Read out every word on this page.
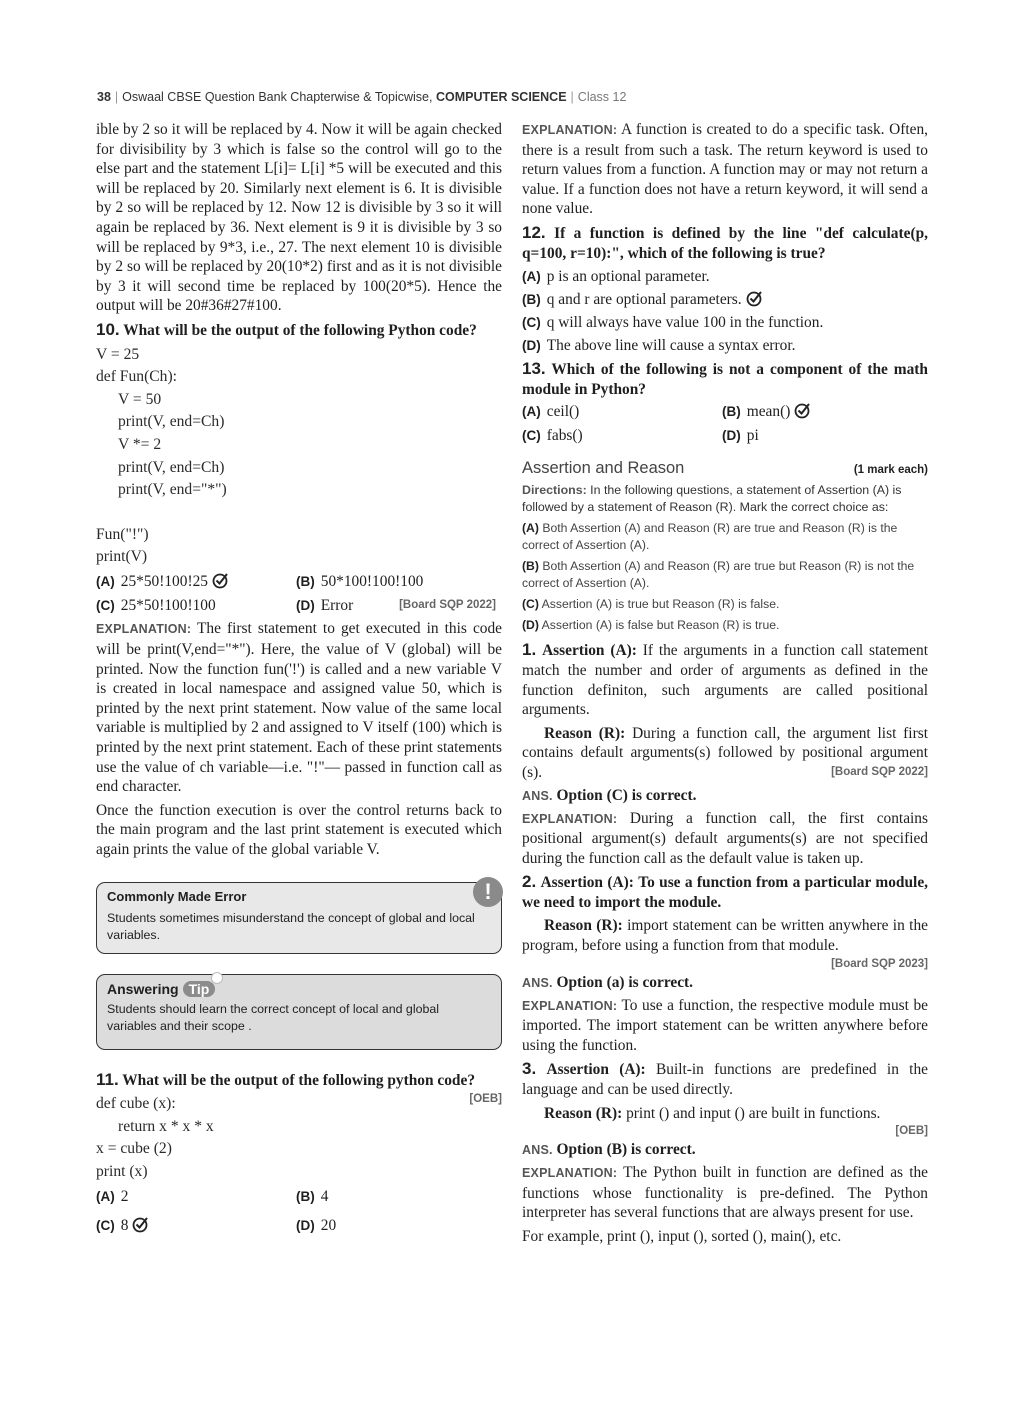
38 | Oswaal CBSE Question Bank Chapterwise & Topicwise, COMPUTER SCIENCE | Class 12

ible by 2 so it will be replaced by 4. Now it will be again checked for divisibility by 3 which is false so the control will go to the else part and the statement L[i]= L[i] *5 will be executed and this will be replaced by 20. Similarly next element is 6. It is divisible by 2 so will be replaced by 12. Now 12 is divisible by 3 so it will again be replaced by 36. Next element is 9 it is divisible by 3 so will be replaced by 9*3, i.e., 27. The next element 10 is divisible by 2 so will be replaced by 20(10*2) first and as it is not divisible by 3 it will second time be replaced by 100(20*5). Hence the output will be 20#36#27#100.

10. What will be the output of the following Python code?

V = 25
def Fun(Ch):
V = 50
print(V, end=Ch)
V *= 2
print(V, end=Ch)
print(V, end="*")
Fun("!")
print(V)
(A) 25*50!100!25	(B) 50*100!100!100
(C) 25*50!100!100	(D) Error	[Board SQP 2022]

EXPLANATION: The first statement to get executed in this code will be print(V,end="*"). Here, the value of V (global) will be printed. Now the function fun('!') is called and a new variable V is created in local namespace and assigned value 50, which is printed by the next print statement. Now value of the same local variable is multiplied by 2 and assigned to V itself (100) which is printed by the next print statement. Each of these print statements use the value of ch variable—i.e. "!"— passed in function call as end character.

Once the function execution is over the control returns back to the main program and the last print statement is executed which again prints the value of the global variable V.

Commonly Made Error
Students sometimes misunderstand the concept of global and local variables.
!
Answering Tip
Students should learn the correct concept of local and global variables and their scope .

11. What will be the output of the following python code?
[OEB]

def cube (x):
return x * x * x
x = cube (2)
print (x)
(A) 2	(B) 4
(C) 8	(D) 20

EXPLANATION: A function is created to do a specific task. Often, there is a result from such a task. The return keyword is used to return values from a function. A function may or may not return a value. If a function does not have a return keyword, it will send a none value.

12. If a function is defined by the line "def calculate(p, q=100, r=10):", which of the following is true?

(A) p is an optional parameter.
(B) q and r are optional parameters.
(C) q will always have value 100 in the function.
(D) The above line will cause a syntax error.

13. Which of the following is not a component of the math module in Python?

(A) ceil()	(B) mean()
(C) fabs()	(D) pi
Assertion and Reason	(1 mark each)

Directions: In the following questions, a statement of Assertion (A) is followed by a statement of Reason (R). Mark the correct choice as:

(A) Both Assertion (A) and Reason (R) are true and Reason (R) is the correct of Assertion (A).

(B) Both Assertion (A) and Reason (R) are true but Reason (R) is not the correct of Assertion (A).

(C) Assertion (A) is true but Reason (R) is false.

(D) Assertion (A) is false but Reason (R) is true.

1. Assertion (A): If the arguments in a function call statement match the number and order of arguments as defined in the function definiton, such arguments are called positional arguments.

Reason (R): During a function call, the argument list first contains default arguments(s) followed by positional argument (s).	[Board SQP 2022]

ANS. Option (C) is correct.

EXPLANATION: During a function call, the first contains positional argument(s) default arguments(s) are not specified during the function call as the default value is taken up.

2. Assertion (A): To use a function from a particular module, we need to import the module.

Reason (R): import statement can be written anywhere in the program, before using a function from that module.

[Board SQP 2023]

ANS. Option (a) is correct.

EXPLANATION: To use a function, the respective module must be imported. The import statement can be written anywhere before using the function.

3. Assertion (A): Built-in functions are predefined in the language and can be used directly.

Reason (R): print () and input () are built in functions.

[OEB]

ANS. Option (B) is correct.

EXPLANATION: The Python built in function are defined as the functions whose functionality is pre-defined. The Python interpreter has several functions that are always present for use.

For example, print (), input (), sorted (), main(), etc.
